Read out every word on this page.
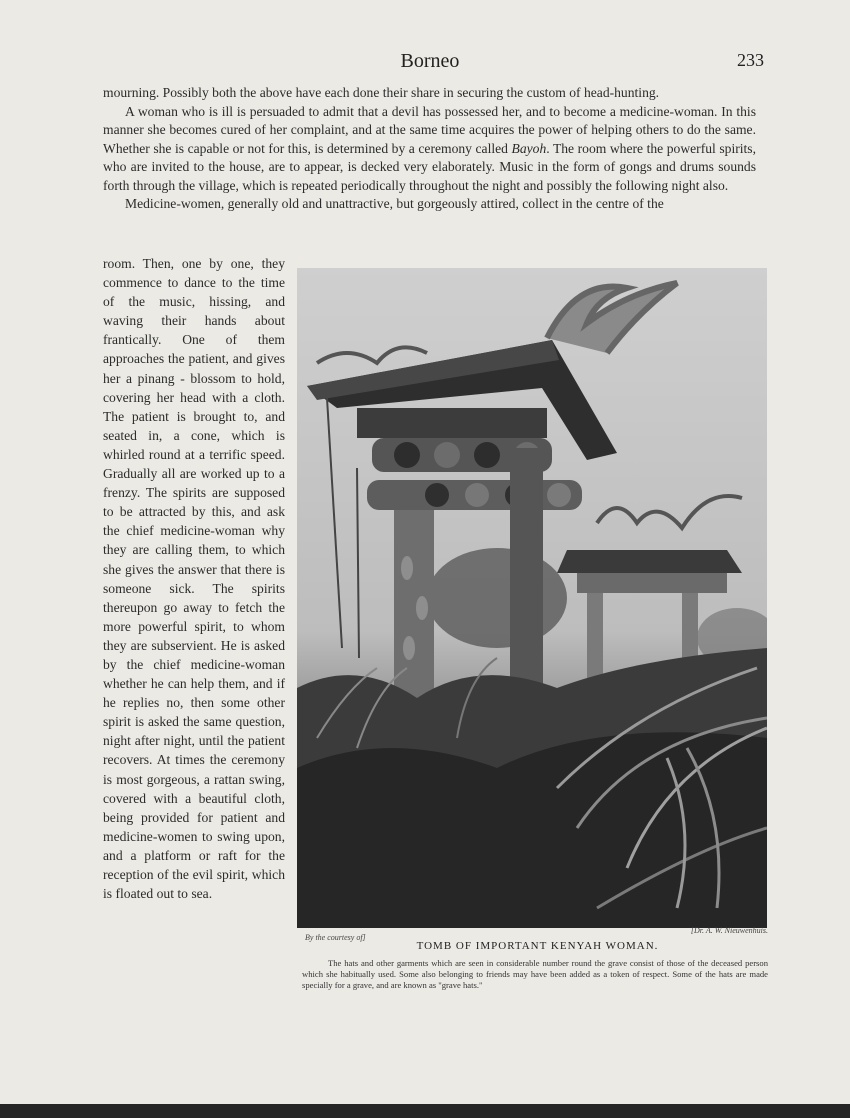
Borneo	233

mourning. Possibly both the above have each done their share in securing the custom of head-hunting.

A woman who is ill is persuaded to admit that a devil has possessed her, and to become a medicine-woman. In this manner she becomes cured of her complaint, and at the same time acquires the power of helping others to do the same. Whether she is capable or not for this, is determined by a ceremony called Bayoh. The room where the powerful spirits, who are invited to the house, are to appear, is decked very elaborately. Music in the form of gongs and drums sounds forth through the village, which is repeated periodically throughout the night and possibly the following night also.

Medicine-women, generally old and unattractive, but gorgeously attired, collect in the centre of the

room. Then, one by one, they commence to dance to the time of the music, hissing, and waving their hands about frantically. One of them approaches the patient, and gives her a pinang - blossom to hold, covering her head with a cloth. The patient is brought to, and seated in, a cone, which is whirled round at a terrific speed. Gradually all are worked up to a frenzy. The spirits are supposed to be attracted by this, and ask the chief medicine-woman why they are calling them, to which she gives the answer that there is someone sick. The spirits thereupon go away to fetch the more powerful spirit, to whom they are subservient. He is asked by the chief medicine-woman whether he can help them, and if he replies no, then some other spirit is asked the same question, night after night, until the patient recovers. At times the ceremony is most gorgeous, a rattan swing, covered with a beautiful cloth, being provided for patient and medicine-women to swing upon, and a platform or raft for the reception of the evil spirit, which is floated out to sea.
By the courtesy of]
[Dr. A. W. Nieuwenhuis.
TOMB OF IMPORTANT KENYAH WOMAN.
The hats and other garments which are seen in considerable number round the grave consist of those of the deceased person which she habitually used. Some also belonging to friends may have been added as a token of respect. Some of the hats are made specially for a grave, and are known as "grave hats."
